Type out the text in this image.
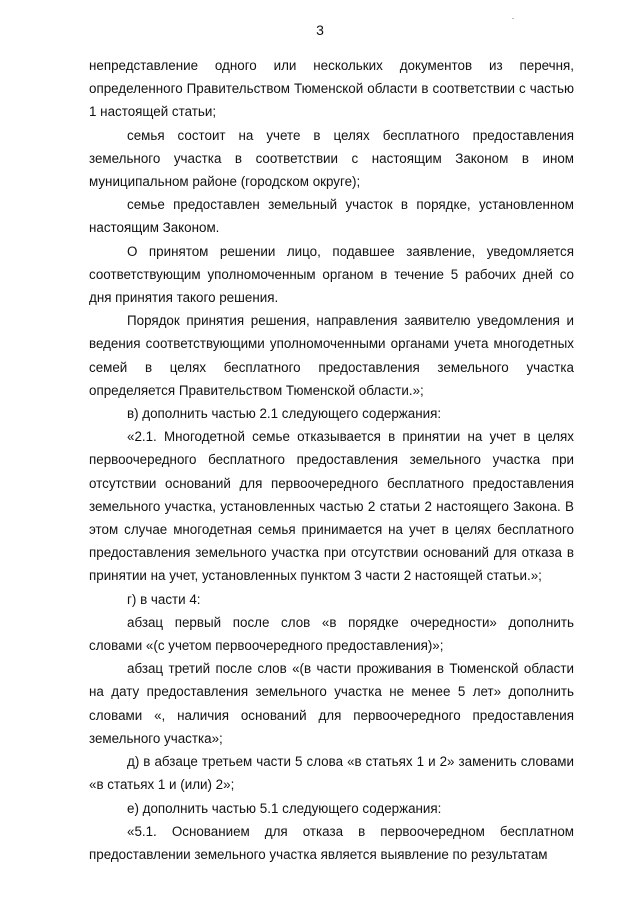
3

непредставление одного или нескольких документов из перечня, определенного Правительством Тюменской области в соответствии с частью 1 настоящей статьи;

семья состоит на учете в целях бесплатного предоставления земельного участка в соответствии с настоящим Законом в ином муниципальном районе (городском округе);

семье предоставлен земельный участок в порядке, установленном настоящим Законом.

О принятом решении лицо, подавшее заявление, уведомляется соответствующим уполномоченным органом в течение 5 рабочих дней со дня принятия такого решения.

Порядок принятия решения, направления заявителю уведомления и ведения соответствующими уполномоченными органами учета многодетных семей в целях бесплатного предоставления земельного участка определяется Правительством Тюменской области.»;

в) дополнить частью 2.1 следующего содержания:

«2.1. Многодетной семье отказывается в принятии на учет в целях первоочередного бесплатного предоставления земельного участка при отсутствии оснований для первоочередного бесплатного предоставления земельного участка, установленных частью 2 статьи 2 настоящего Закона. В этом случае многодетная семья принимается на учет в целях бесплатного предоставления земельного участка при отсутствии оснований для отказа в принятии на учет, установленных пунктом 3 части 2 настоящей статьи.»;

г) в части 4:

абзац первый после слов «в порядке очередности» дополнить словами «(с учетом первоочередного предоставления)»;

абзац третий после слов «(в части проживания в Тюменской области на дату предоставления земельного участка не менее 5 лет» дополнить словами «, наличия оснований для первоочередного предоставления земельного участка»;

д) в абзаце третьем части 5 слова «в статьях 1 и 2» заменить словами «в статьях 1 и (или) 2»;

е) дополнить частью 5.1 следующего содержания:

«5.1. Основанием для отказа в первоочередном бесплатном предоставлении земельного участка является выявление по результатам
